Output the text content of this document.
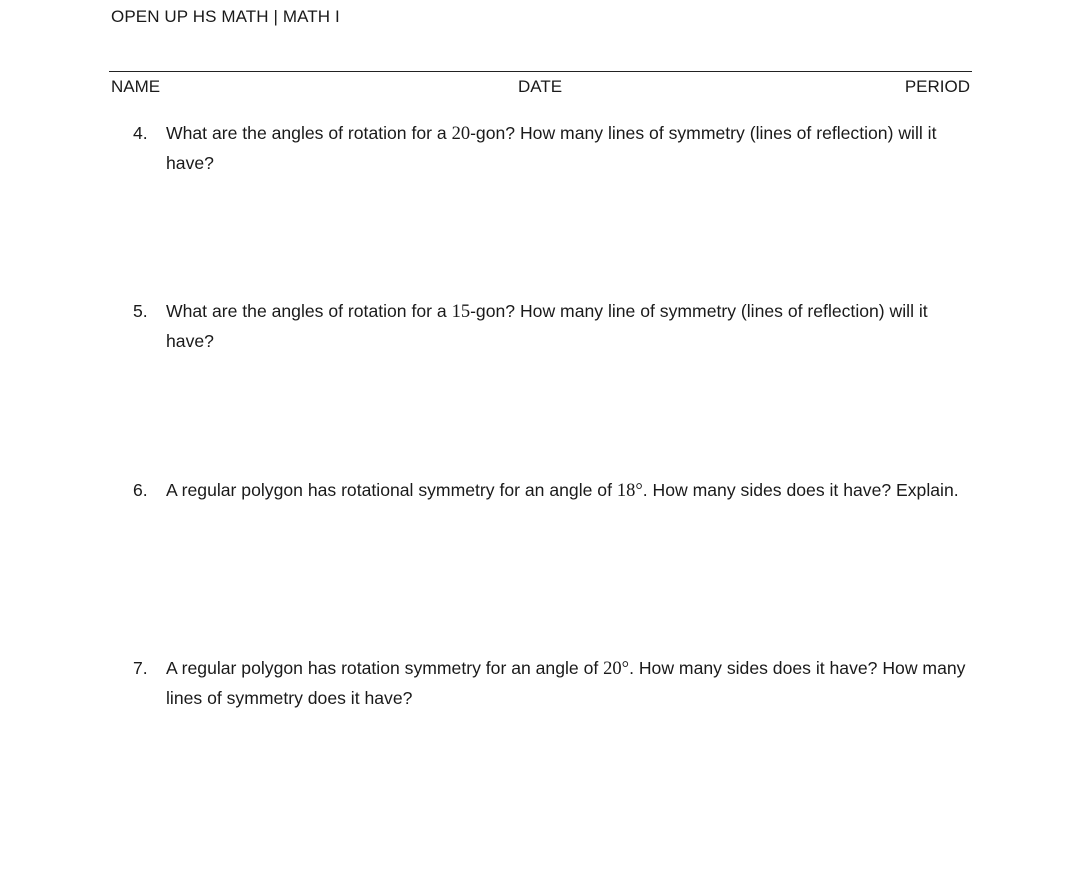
OPEN UP HS MATH | MATH I
NAME	DATE	PERIOD
4.	What are the angles of rotation for a 20-gon? How many lines of symmetry (lines of reflection) will it have?
5.	What are the angles of rotation for a 15-gon? How many line of symmetry (lines of reflection) will it have?
6.	A regular polygon has rotational symmetry for an angle of 18°. How many sides does it have? Explain.
7.	A regular polygon has rotation symmetry for an angle of 20°. How many sides does it have? How many lines of symmetry does it have?
